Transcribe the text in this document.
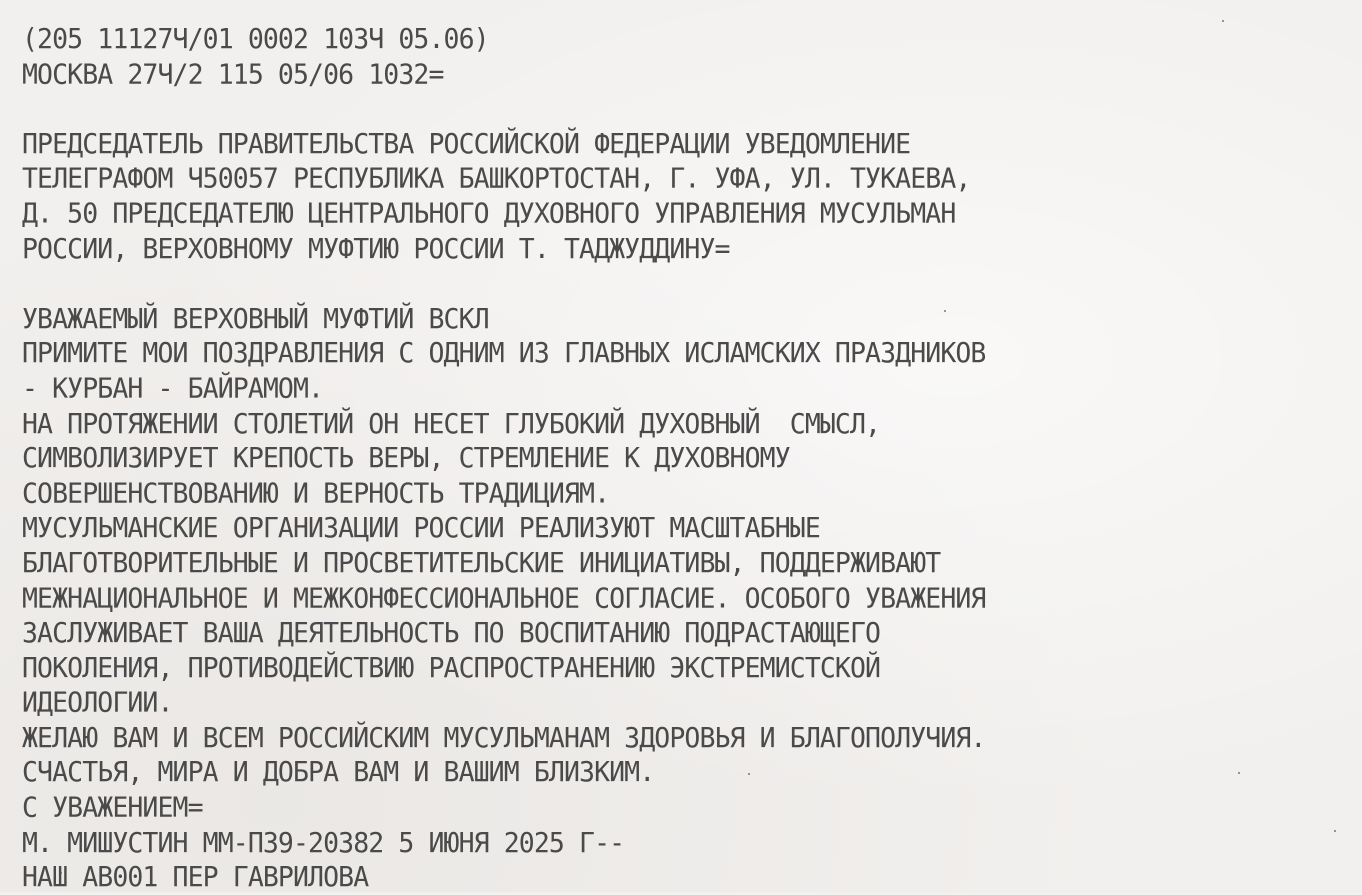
(205 11127Ч/01 0002 103Ч 05.06)
МОСКВА 27Ч/2 115 05/06 1032=
ПРЕДСЕДАТЕЛЬ ПРАВИТЕЛЬСТВА РОССИЙСКОЙ ФЕДЕРАЦИИ УВЕДОМЛЕНИЕ
ТЕЛЕГРАФОМ Ч50057 РЕСПУБЛИКА БАШКОРТОСТАН, Г. УФА, УЛ. ТУКАЕВА,
Д. 50 ПРЕДСЕДАТЕЛЮ ЦЕНТРАЛЬНОГО ДУХОВНОГО УПРАВЛЕНИЯ МУСУЛЬМАН
РОССИИ, ВЕРХОВНОМУ МУФТИЮ РОССИИ Т. ТАДЖУДДИНУ=
УВАЖАЕМЫЙ ВЕРХОВНЫЙ МУФТИЙ ВСКЛ
ПРИМИТЕ МОИ ПОЗДРАВЛЕНИЯ С ОДНИМ ИЗ ГЛАВНЫХ ИСЛАМСКИХ ПРАЗДНИКОВ
- КУРБАН - БАЙРАМОМ.
НА ПРОТЯЖЕНИИ СТОЛЕТИЙ ОН НЕСЕТ ГЛУБОКИЙ ДУХОВНЫЙ  СМЫСЛ,
СИМВОЛИЗИРУЕТ КРЕПОСТЬ ВЕРЫ, СТРЕМЛЕНИЕ К ДУХОВНОМУ
СОВЕРШЕНСТВОВАНИЮ И ВЕРНОСТЬ ТРАДИЦИЯМ.
МУСУЛЬМАНСКИЕ ОРГАНИЗАЦИИ РОССИИ РЕАЛИЗУЮТ МАСШТАБНЫЕ
БЛАГОТВОРИТЕЛЬНЫЕ И ПРОСВЕТИТЕЛЬСКИЕ ИНИЦИАТИВЫ, ПОДДЕРЖИВАЮТ
МЕЖНАЦИОНАЛЬНОЕ И МЕЖКОНФЕССИОНАЛЬНОЕ СОГЛАСИЕ. ОСОБОГО УВАЖЕНИЯ
ЗАСЛУЖИВАЕТ ВАША ДЕЯТЕЛЬНОСТЬ ПО ВОСПИТАНИЮ ПОДРАСТАЮЩЕГО
ПОКОЛЕНИЯ, ПРОТИВОДЕЙСТВИЮ РАСПРОСТРАНЕНИЮ ЭКСТРЕМИСТСКОЙ
ИДЕОЛОГИИ.
ЖЕЛАЮ ВАМ И ВСЕМ РОССИЙСКИМ МУСУЛЬМАНАМ ЗДОРОВЬЯ И БЛАГОПОЛУЧИЯ.
СЧАСТЬЯ, МИРА И ДОБРА ВАМ И ВАШИМ БЛИЗКИМ.
С УВАЖЕНИЕМ=
М. МИШУСТИН ММ-П39-20382 5 ИЮНЯ 2025 Г--
НАШ АВ001 ПЕР ГАВРИЛОВА
